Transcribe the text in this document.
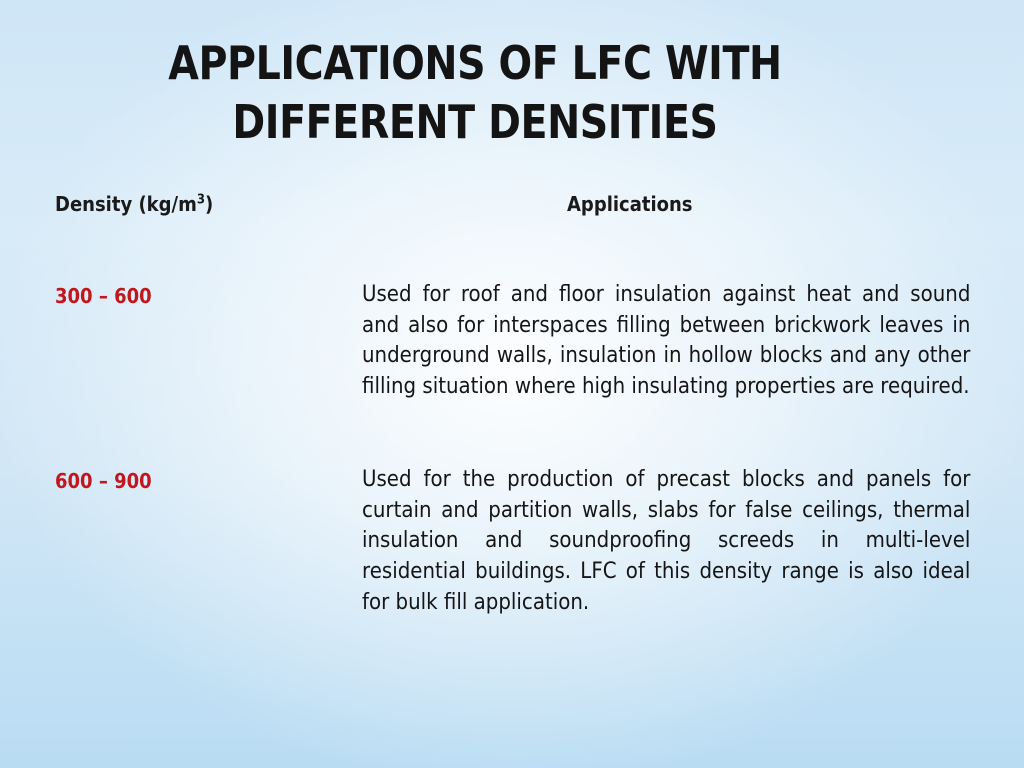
APPLICATIONS OF LFC WITH
DIFFERENT DENSITIES
Density $(kg/m^3)$	Applications
300 – 600	Used for roof and floor insulation against heat and sound and also for interspaces filling between brickwork leaves in underground walls, insulation in hollow blocks and any other filling situation where high insulating properties are required.
600 – 900	Used for the production of precast blocks and panels for curtain and partition walls, slabs for false ceilings, thermal insulation and soundproofing screeds in multi-level residential buildings. LFC of this density range is also ideal for bulk fill application.
